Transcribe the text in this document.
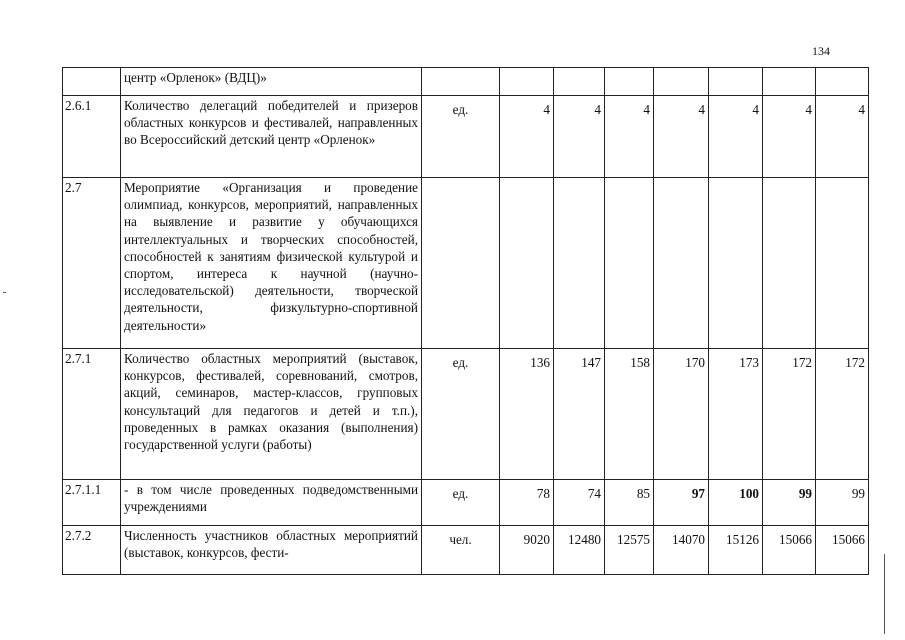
134
	центр «Орленок» (ВДЦ)»								
2.6.1	Количество делегаций победителей и призеров областных конкурсов и фестивалей, направленных во Всероссийский детский центр «Орленок»	ед.	4	4	4	4	4	4	4
2.7	Мероприятие «Организация и проведение олимпиад, конкурсов, мероприятий, направленных на выявление и развитие у обучающихся интеллектуальных и творческих способностей, способностей к занятиям физической культурой и спортом, интереса к научной (научно-исследовательской) деятельности, творческой деятельности, физкультурно-спортивной деятельности»								
2.7.1	Количество областных мероприятий (выставок, конкурсов, фестивалей, соревнований, смотров, акций, семинаров, мастер-классов, групповых консультаций для педагогов и детей и т.п.), проведенных в рамках оказания (выполнения) государственной услуги (работы)	ед.	136	147	158	170	173	172	172
2.7.1.1	- в том числе проведенных подведомственными учреждениями	ед.	78	74	85	97	100	99	99
2.7.2	Численность участников областных мероприятий (выставок, конкурсов, фести-	чел.	9020	12480	12575	14070	15126	15066	15066
